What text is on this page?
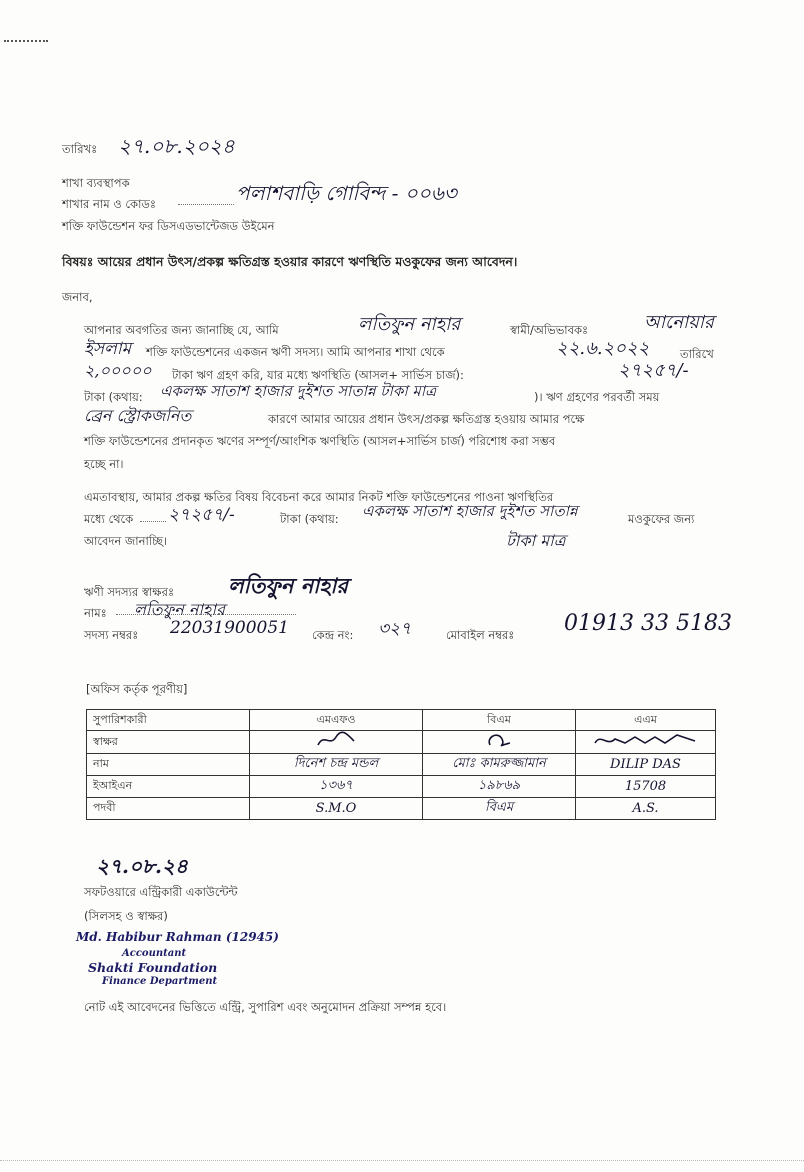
তারিখঃ ২৭.০৮.২০২৪
শাখা ব্যবস্থাপক
শাখার নাম ও কোডঃ	পলাশবাড়ি গোবিন্দ - ০০৬৩
শক্তি ফাউন্ডেশন ফর ডিসএডভান্টেজড উইমেন
বিষয়ঃ আয়ের প্রধান উৎস/প্রকল্প ক্ষতিগ্রস্ত হওয়ার কারণে ঋণস্থিতি মওকুফের জন্য আবেদন।
জনাব,
আপনার অবগতির জন্য জানাচ্ছি যে, আমি	লতিফুন নাহার	স্বামী/অভিভাবকঃ	আনোয়ার
ইসলাম শক্তি ফাউন্ডেশনের একজন ঋণী সদস্য। আমি আপনার শাখা থেকে	২২.৬.২০২২	তারিখে
২,০০০০০ টাকা ঋণ গ্রহণ করি, যার মধ্যে ঋণস্থিতি (আসল+ সার্ভিস চার্জ):	২৭২৫৭/-
টাকা (কথায়: একলক্ষ সাতাশ হাজার দুইশত সাতান্ন টাকা মাত্র	)। ঋণ গ্রহণের পরবর্তী সময়
ব্রেন স্ট্রোকজনিত	কারণে আমার আয়ের প্রধান উৎস/প্রকল্প ক্ষতিগ্রস্ত হওয়ায় আমার পক্ষে
শক্তি ফাউন্ডেশনের প্রদানকৃত ঋণের সম্পূর্ণ/আংশিক ঋণস্থিতি (আসল+সার্ভিস চার্জ) পরিশোধ করা সম্ভব
হচ্ছে না।
এমতাবস্থায়, আমার প্রকল্প ক্ষতির বিষয় বিবেচনা করে আমার নিকট শক্তি ফাউন্ডেশনের পাওনা ঋণস্থিতির
মধ্যে থেকে ২৭২৫৭/-	টাকা (কথায়: একলক্ষ সাতাশ হাজার দুইশত সাতান্ন	মওকুফের জন্য
আবেদন জানাচ্ছি।	টাকা মাত্র
ঋণী সদস্যর স্বাক্ষরঃ	লতিফুন নাহার
নামঃ লতিফুন নাহার
সদস্য নম্বরঃ 22031900051 কেন্দ্র নং: ৩২৭	মোবাইল নম্বরঃ 01913 33 5183
[অফিস কর্তৃক পূরণীয়]
সুপারিশকারী	এমএফও	বিএম	এএম
স্বাক্ষর			
নাম	দিনেশ চন্দ্র মন্ডল	মোঃ কামরুজ্জামান	DILIP DAS
ইআইএন	১৩৬৭	১৯৮৬৯	15708
পদবী	S.M.O	বিএম	A.S.
২৭.০৮.২৪
সফটওয়ারে এন্ট্রিকারী একাউন্টেন্ট
(সিলসহ ও স্বাক্ষর)
Md. Habibur Rahman (12945)
Accountant
Shakti Foundation
Finance Department
নোট এই আবেদনের ভিত্তিতে এন্ট্রি, সুপারিশ এবং অনুমোদন প্রক্রিয়া সম্পন্ন হবে।
